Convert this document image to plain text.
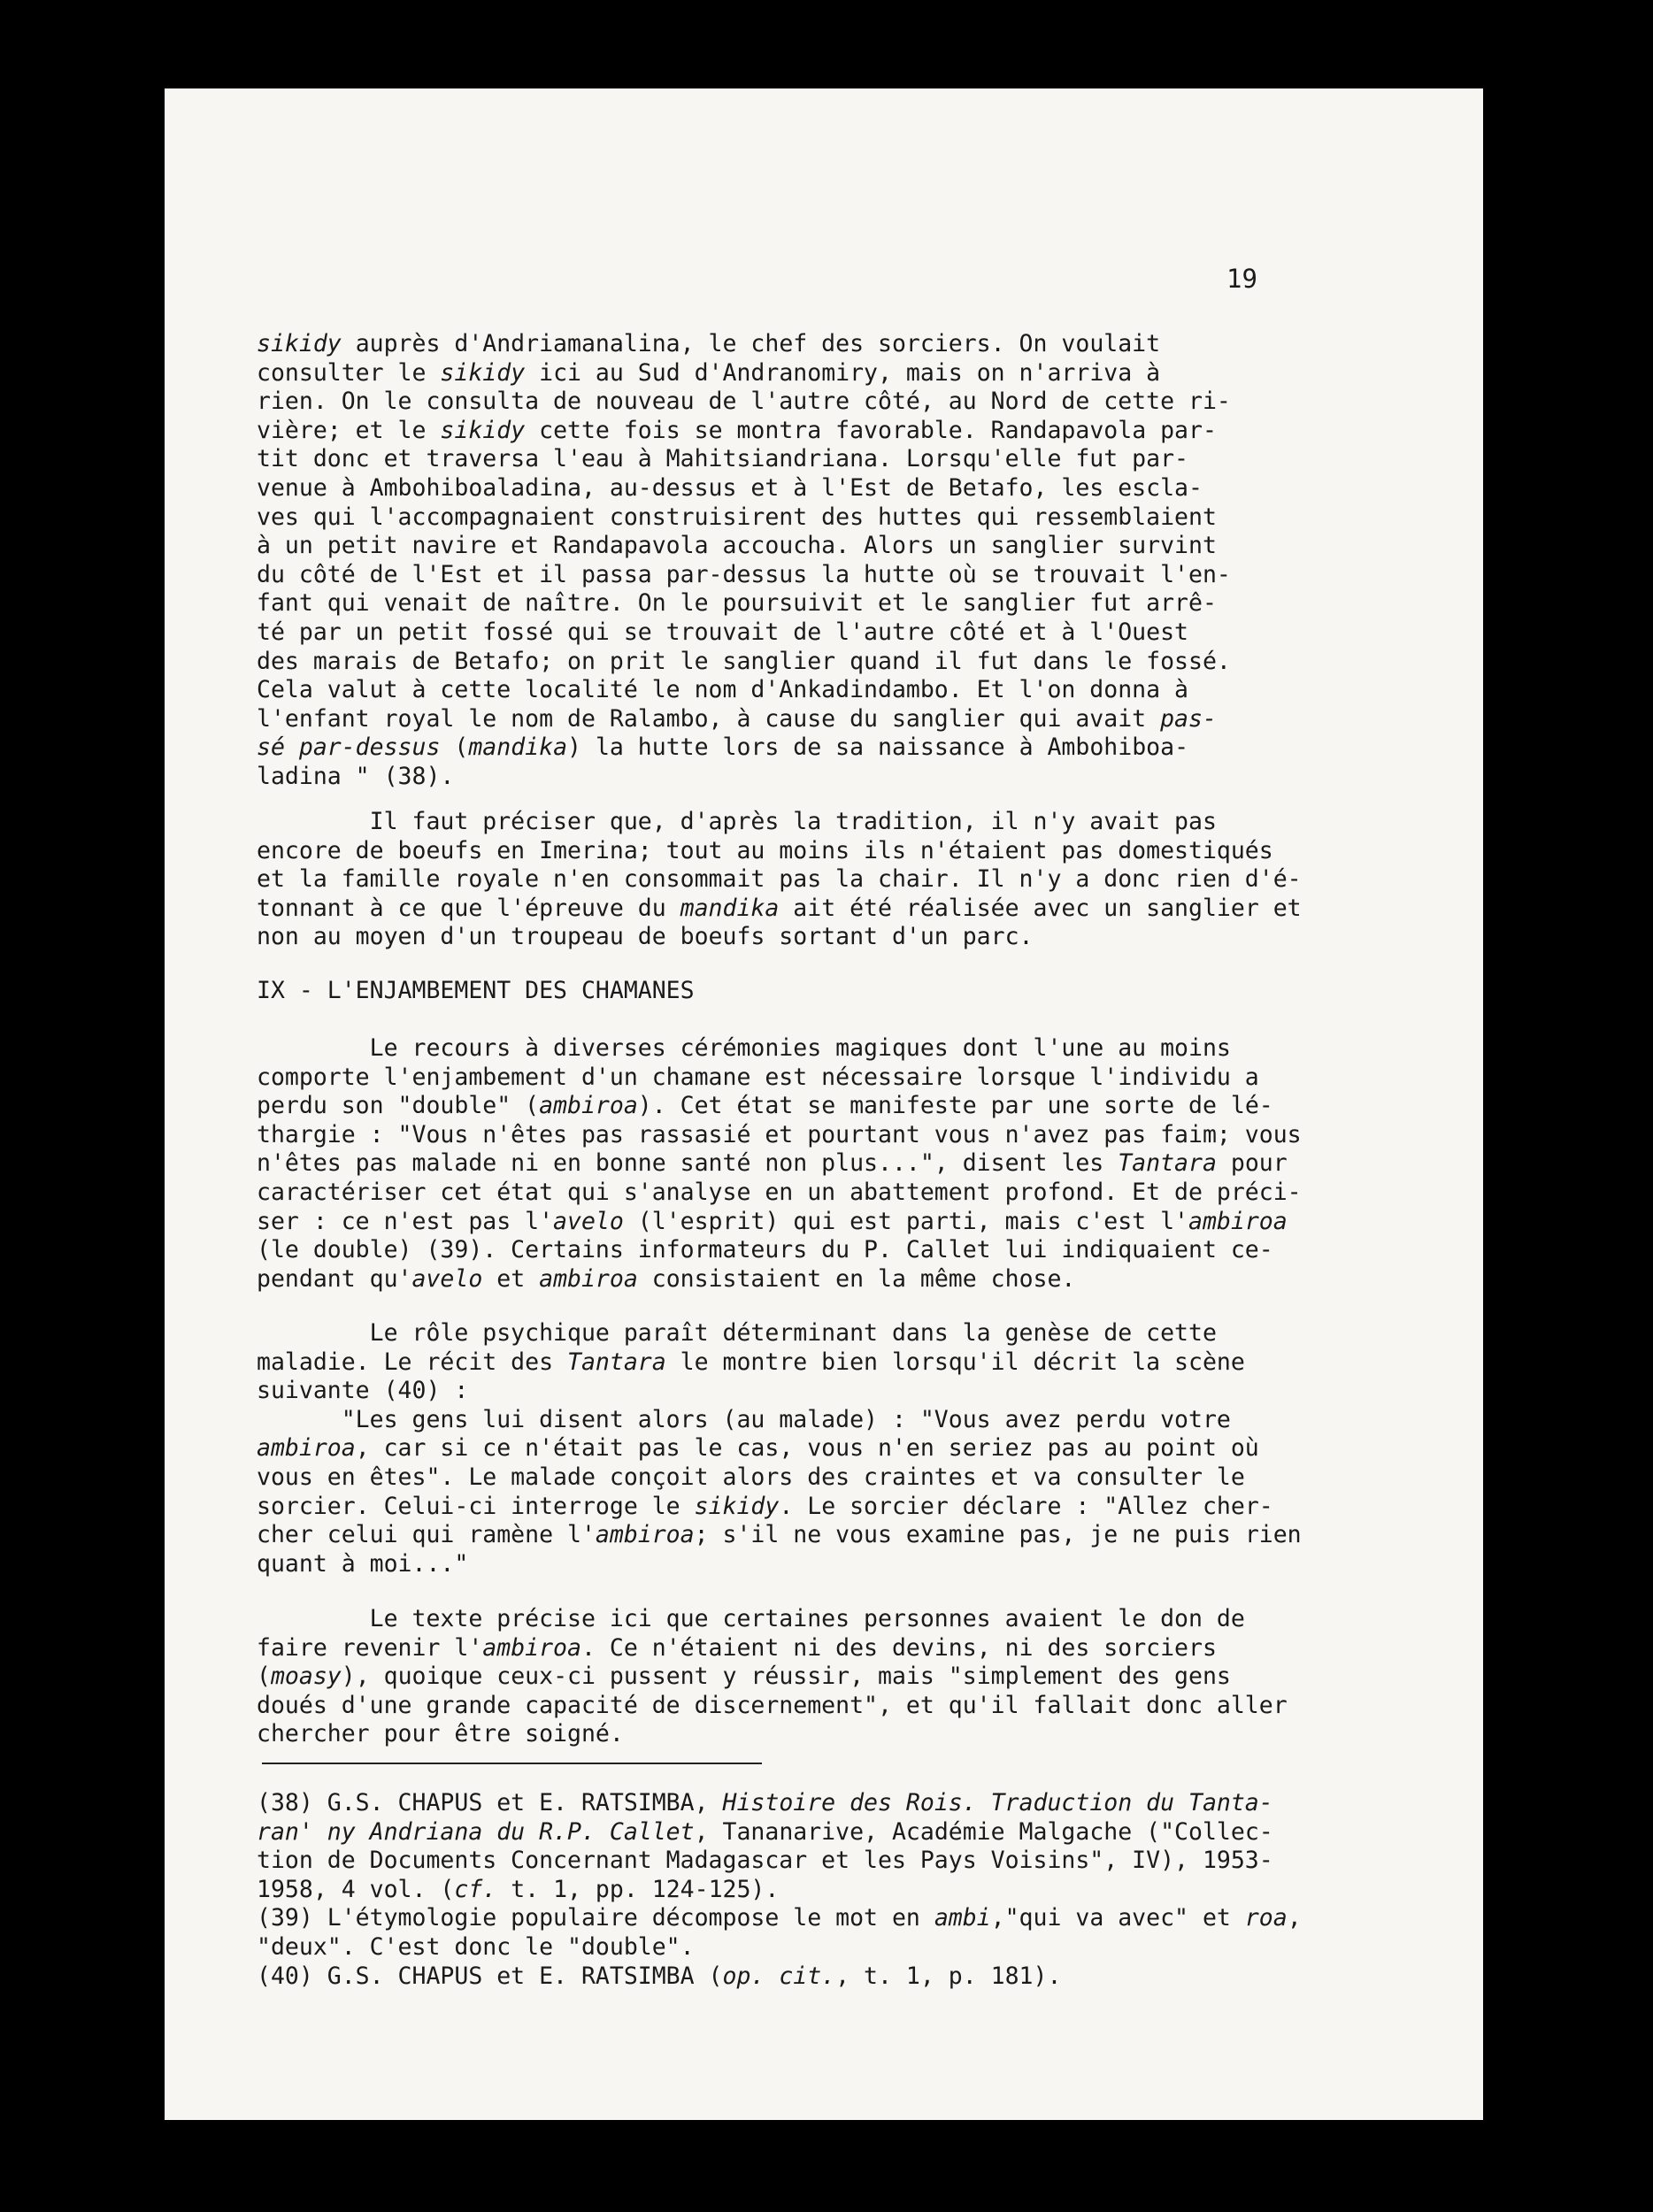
19
sikidy auprès d'Andriamanalina, le chef des sorciers. On voulait
consulter le sikidy ici au Sud d'Andranomiry, mais on n'arriva à
rien. On le consulta de nouveau de l'autre côté, au Nord de cette ri-
vière; et le sikidy cette fois se montra favorable. Randapavola par-
tit donc et traversa l'eau à Mahitsiandriana. Lorsqu'elle fut par-
venue à Ambohiboaladina, au-dessus et à l'Est de Betafo, les escla-
ves qui l'accompagnaient construisirent des huttes qui ressemblaient
à un petit navire et Randapavola accoucha. Alors un sanglier survint
du côté de l'Est et il passa par-dessus la hutte où se trouvait l'en-
fant qui venait de naître. On le poursuivit et le sanglier fut arrê-
té par un petit fossé qui se trouvait de l'autre côté et à l'Ouest
des marais de Betafo; on prit le sanglier quand il fut dans le fossé.
Cela valut à cette localité le nom d'Ankadindambo. Et l'on donna à
l'enfant royal le nom de Ralambo, à cause du sanglier qui avait pas-
sé par-dessus (mandika) la hutte lors de sa naissance à Ambohiboa-
ladina " (38).
Il faut préciser que, d'après la tradition, il n'y avait pas
encore de boeufs en Imerina; tout au moins ils n'étaient pas domestiqués
et la famille royale n'en consommait pas la chair. Il n'y a donc rien d'é-
tonnant à ce que l'épreuve du mandika ait été réalisée avec un sanglier et
non au moyen d'un troupeau de boeufs sortant d'un parc.
IX - L'ENJAMBEMENT DES CHAMANES
Le recours à diverses cérémonies magiques dont l'une au moins
comporte l'enjambement d'un chamane est nécessaire lorsque l'individu a
perdu son "double" (ambiroa). Cet état se manifeste par une sorte de lé-
thargie : "Vous n'êtes pas rassasié et pourtant vous n'avez pas faim; vous
n'êtes pas malade ni en bonne santé non plus...", disent les Tantara pour
caractériser cet état qui s'analyse en un abattement profond. Et de préci-
ser : ce n'est pas l'avelo (l'esprit) qui est parti, mais c'est l'ambiroa
(le double) (39). Certains informateurs du P. Callet lui indiquaient ce-
pendant qu'avelo et ambiroa consistaient en la même chose.
Le rôle psychique paraît déterminant dans la genèse de cette
maladie. Le récit des Tantara le montre bien lorsqu'il décrit la scène
suivante (40) :
"Les gens lui disent alors (au malade) : "Vous avez perdu votre
ambiroa, car si ce n'était pas le cas, vous n'en seriez pas au point où
vous en êtes". Le malade conçoit alors des craintes et va consulter le
sorcier. Celui-ci interroge le sikidy. Le sorcier déclare : "Allez cher-
cher celui qui ramène l'ambiroa; s'il ne vous examine pas, je ne puis rien
quant à moi..."
Le texte précise ici que certaines personnes avaient le don de
faire revenir l'ambiroa. Ce n'étaient ni des devins, ni des sorciers
(moasy), quoique ceux-ci pussent y réussir, mais "simplement des gens
doués d'une grande capacité de discernement", et qu'il fallait donc aller
chercher pour être soigné.
(38) G.S. CHAPUS et E. RATSIMBA, Histoire des Rois. Traduction du Tanta-
ran' ny Andriana du R.P. Callet, Tananarive, Académie Malgache ("Collec-
tion de Documents Concernant Madagascar et les Pays Voisins", IV), 1953-
1958, 4 vol. (cf. t. 1, pp. 124-125).
(39) L'étymologie populaire décompose le mot en ambi,"qui va avec" et roa,
"deux". C'est donc le "double".
(40) G.S. CHAPUS et E. RATSIMBA (op. cit., t. 1, p. 181).
